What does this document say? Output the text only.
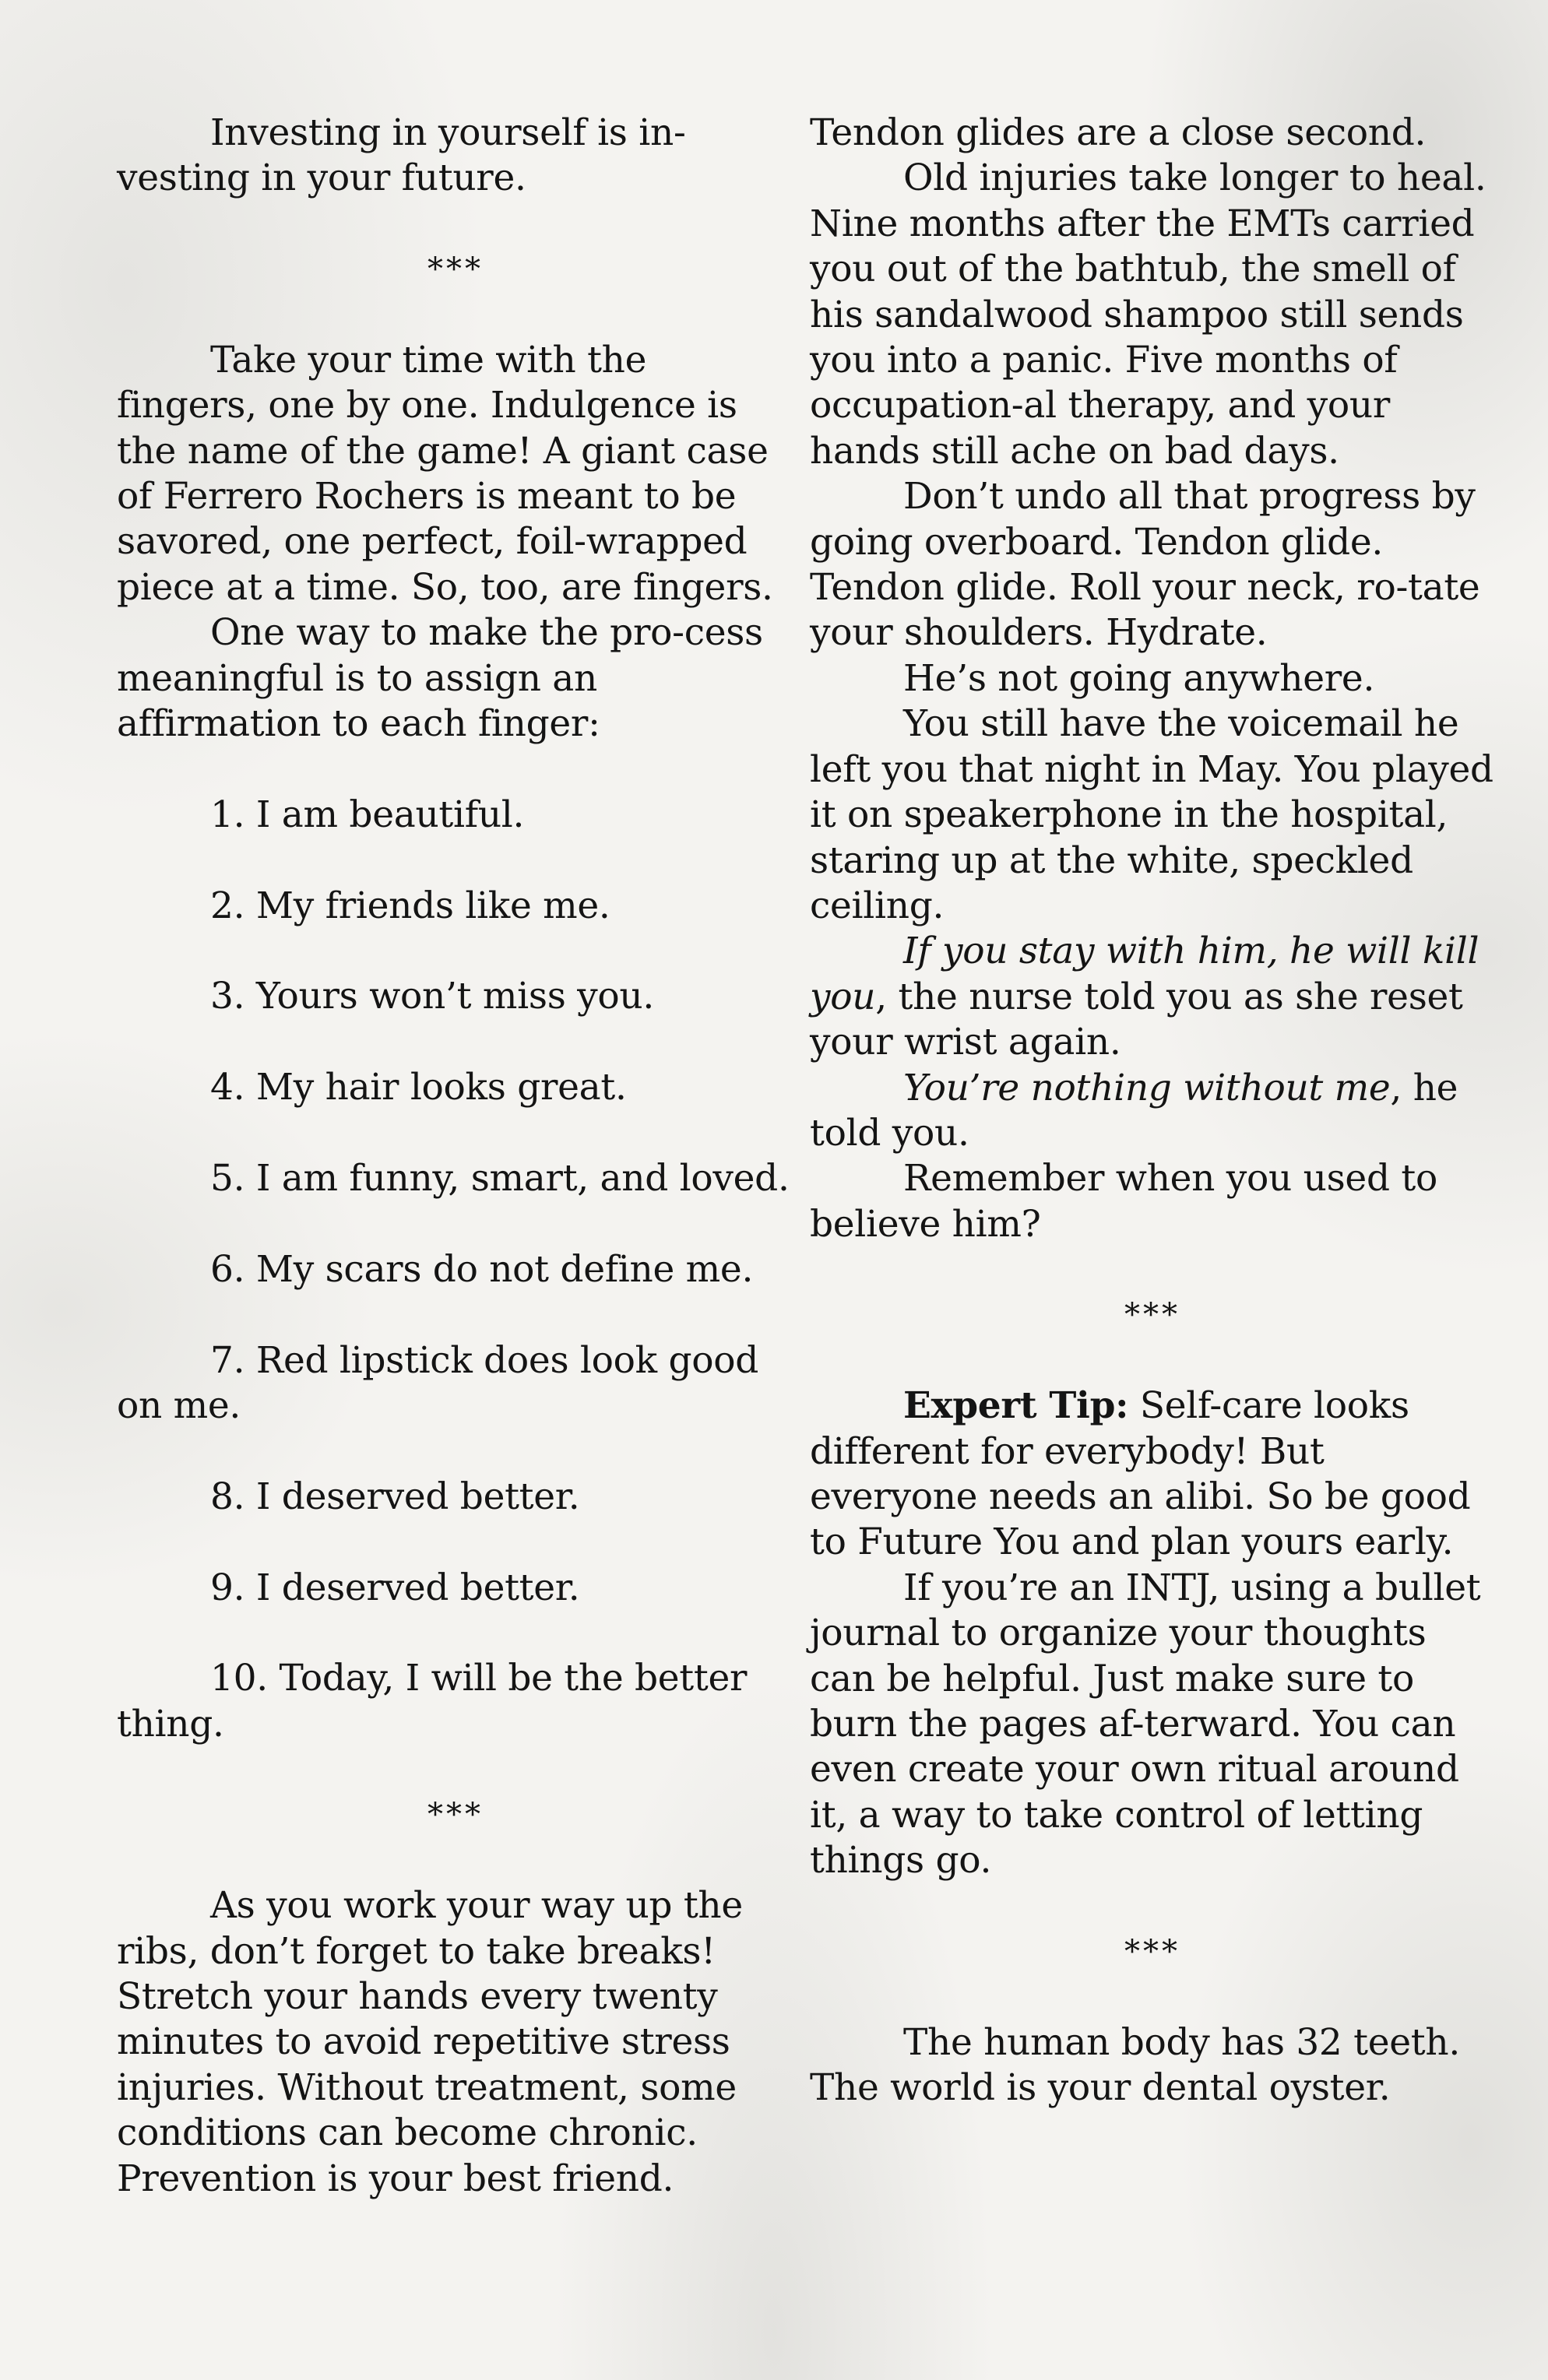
Investing in yourself is in-vesting in your future.

***

Take your time with the fingers, one by one. Indulgence is the name of the game! A giant case of Ferrero Rochers is meant to be savored, one perfect, foil-wrapped piece at a time. So, too, are fingers.

One way to make the pro-cess meaningful is to assign an affirmation to each finger:

1. I am beautiful.

2. My friends like me.

3. Yours won’t miss you.

4. My hair looks great.

5. I am funny, smart, and loved.

6. My scars do not define me.

7. Red lipstick does look good on me.

8. I deserved better.

9. I deserved better.

10. Today, I will be the better thing.

***

As you work your way up the ribs, don’t forget to take breaks! Stretch your hands every twenty minutes to avoid repetitive stress injuries. Without treatment, some conditions can become chronic. Prevention is your best friend.

Tendon glides are a close second.

Old injuries take longer to heal. Nine months after the EMTs carried you out of the bathtub, the smell of his sandalwood shampoo still sends you into a panic. Five months of occupation-al therapy, and your hands still ache on bad days.

Don’t undo all that progress by going overboard. Tendon glide. Tendon glide. Roll your neck, ro-tate your shoulders. Hydrate.

He’s not going anywhere.

You still have the voicemail he left you that night in May. You played it on speakerphone in the hospital, staring up at the white, speckled ceiling.

If you stay with him, he will kill you, the nurse told you as she reset your wrist again.

You’re nothing without me, he told you.

Remember when you used to believe him?

***

Expert Tip: Self-care looks different for everybody! But everyone needs an alibi. So be good to Future You and plan yours early.

If you’re an INTJ, using a bullet journal to organize your thoughts can be helpful. Just make sure to burn the pages af-terward. You can even create your own ritual around it, a way to take control of letting things go.

***

The human body has 32 teeth. The world is your dental oyster.
